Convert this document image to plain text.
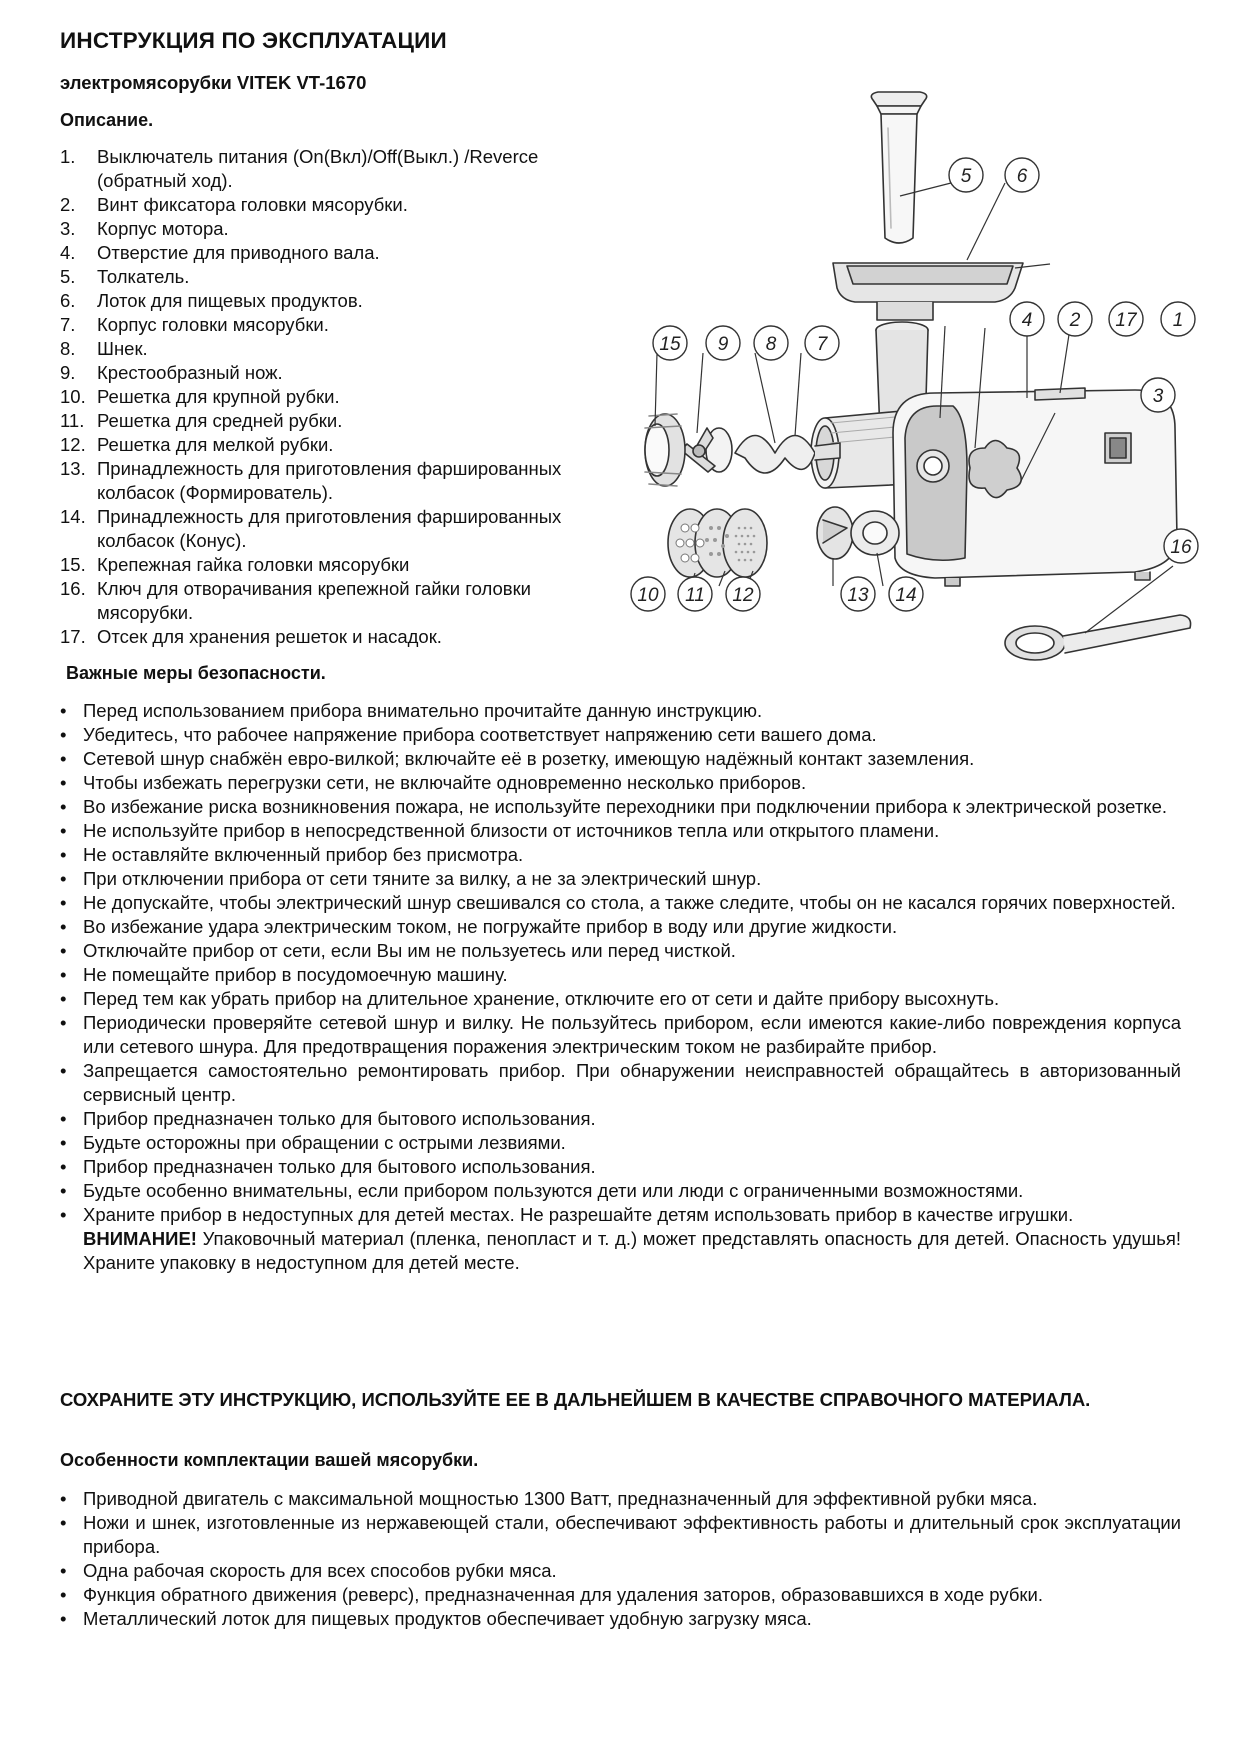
ИНСТРУКЦИЯ ПО ЭКСПЛУАТАЦИИ
электромясорубки VITEK VT-1670
Описание.
1. Выключатель питания (On(Вкл)/Off(Выкл.) /Reverce (обратный ход).
2. Винт фиксатора головки мясорубки.
3. Корпус мотора.
4. Отверстие для приводного вала.
5. Толкатель.
6. Лоток для пищевых продуктов.
7. Корпус головки мясорубки.
8. Шнек.
9. Крестообразный нож.
10. Решетка для крупной рубки.
11. Решетка для средней рубки.
12. Решетка для мелкой рубки.
13. Принадлежность для приготовления фаршированных колбасок (Формирователь).
14. Принадлежность для приготовления фаршированных колбасок (Конус).
15. Крепежная гайка головки мясорубки
16. Ключ для отворачивания крепежной гайки головки мясорубки.
17. Отсек для хранения решеток и насадок.
Важные меры безопасности.
• Перед использованием прибора внимательно прочитайте данную инструкцию.
• Убедитесь, что рабочее напряжение прибора соответствует напряжению сети вашего дома.
• Сетевой шнур снабжён евро-вилкой; включайте её в розетку, имеющую надёжный контакт заземления.
• Чтобы избежать перегрузки сети, не включайте одновременно несколько приборов.
• Во избежание риска возникновения пожара, не используйте переходники при подключении прибора к электрической розетке.
• Не используйте прибор в непосредственной близости от источников тепла или открытого пламени.
• Не оставляйте включенный прибор без присмотра.
• При отключении прибора от сети тяните за вилку, а не за электрический шнур.
• Не допускайте, чтобы электрический шнур свешивался со стола, а также следите, чтобы он не касался горячих поверхностей.
• Во избежание удара электрическим током, не погружайте прибор в воду или другие жидкости.
• Отключайте прибор от сети, если Вы им не пользуетесь или перед чисткой.
• Не помещайте прибор в посудомоечную машину.
• Перед тем как убрать прибор на длительное хранение, отключите его от сети и дайте прибору высохнуть.
• Периодически проверяйте сетевой шнур и вилку. Не пользуйтесь прибором, если имеются какие-либо повреждения корпуса или сетевого шнура. Для предотвращения поражения электрическим током не разбирайте прибор.
• Запрещается самостоятельно ремонтировать прибор. При обнаружении неисправностей обращайтесь в авторизованный сервисный центр.
• Прибор предназначен только для бытового использования.
• Будьте осторожны при обращении с острыми лезвиями.
• Прибор предназначен только для бытового использования.
• Будьте особенно внимательны, если прибором пользуются дети или люди с ограниченными возможностями.
• Храните прибор в недоступных для детей местах. Не разрешайте детям использовать прибор в качестве игрушки.
ВНИМАНИЕ! Упаковочный материал (пленка, пенопласт и т. д.) может представлять опасность для детей. Опасность удушья! Храните упаковку в недоступном для детей месте.
СОХРАНИТЕ ЭТУ ИНСТРУКЦИЮ, ИСПОЛЬЗУЙТЕ ЕЕ В ДАЛЬНЕЙШЕМ В КАЧЕСТВЕ СПРАВОЧНОГО МАТЕРИАЛА.
Особенности комплектации вашей мясорубки.
• Приводной двигатель с максимальной мощностью 1300 Ватт, предназначенный для эффективной рубки мяса.
• Ножи и шнек, изготовленные из нержавеющей стали, обеспечивают эффективность работы и длительный срок эксплуатации прибора.
• Одна рабочая скорость для всех способов рубки мяса.
• Функция обратного движения (реверс), предназначенная для удаления заторов, образовавшихся в ходе рубки.
• Металлический лоток для пищевых продуктов обеспечивает удобную загрузку мяса.
1
2
3
4
5 6
7
8
9
10 11 12	13 14
15
16
17
